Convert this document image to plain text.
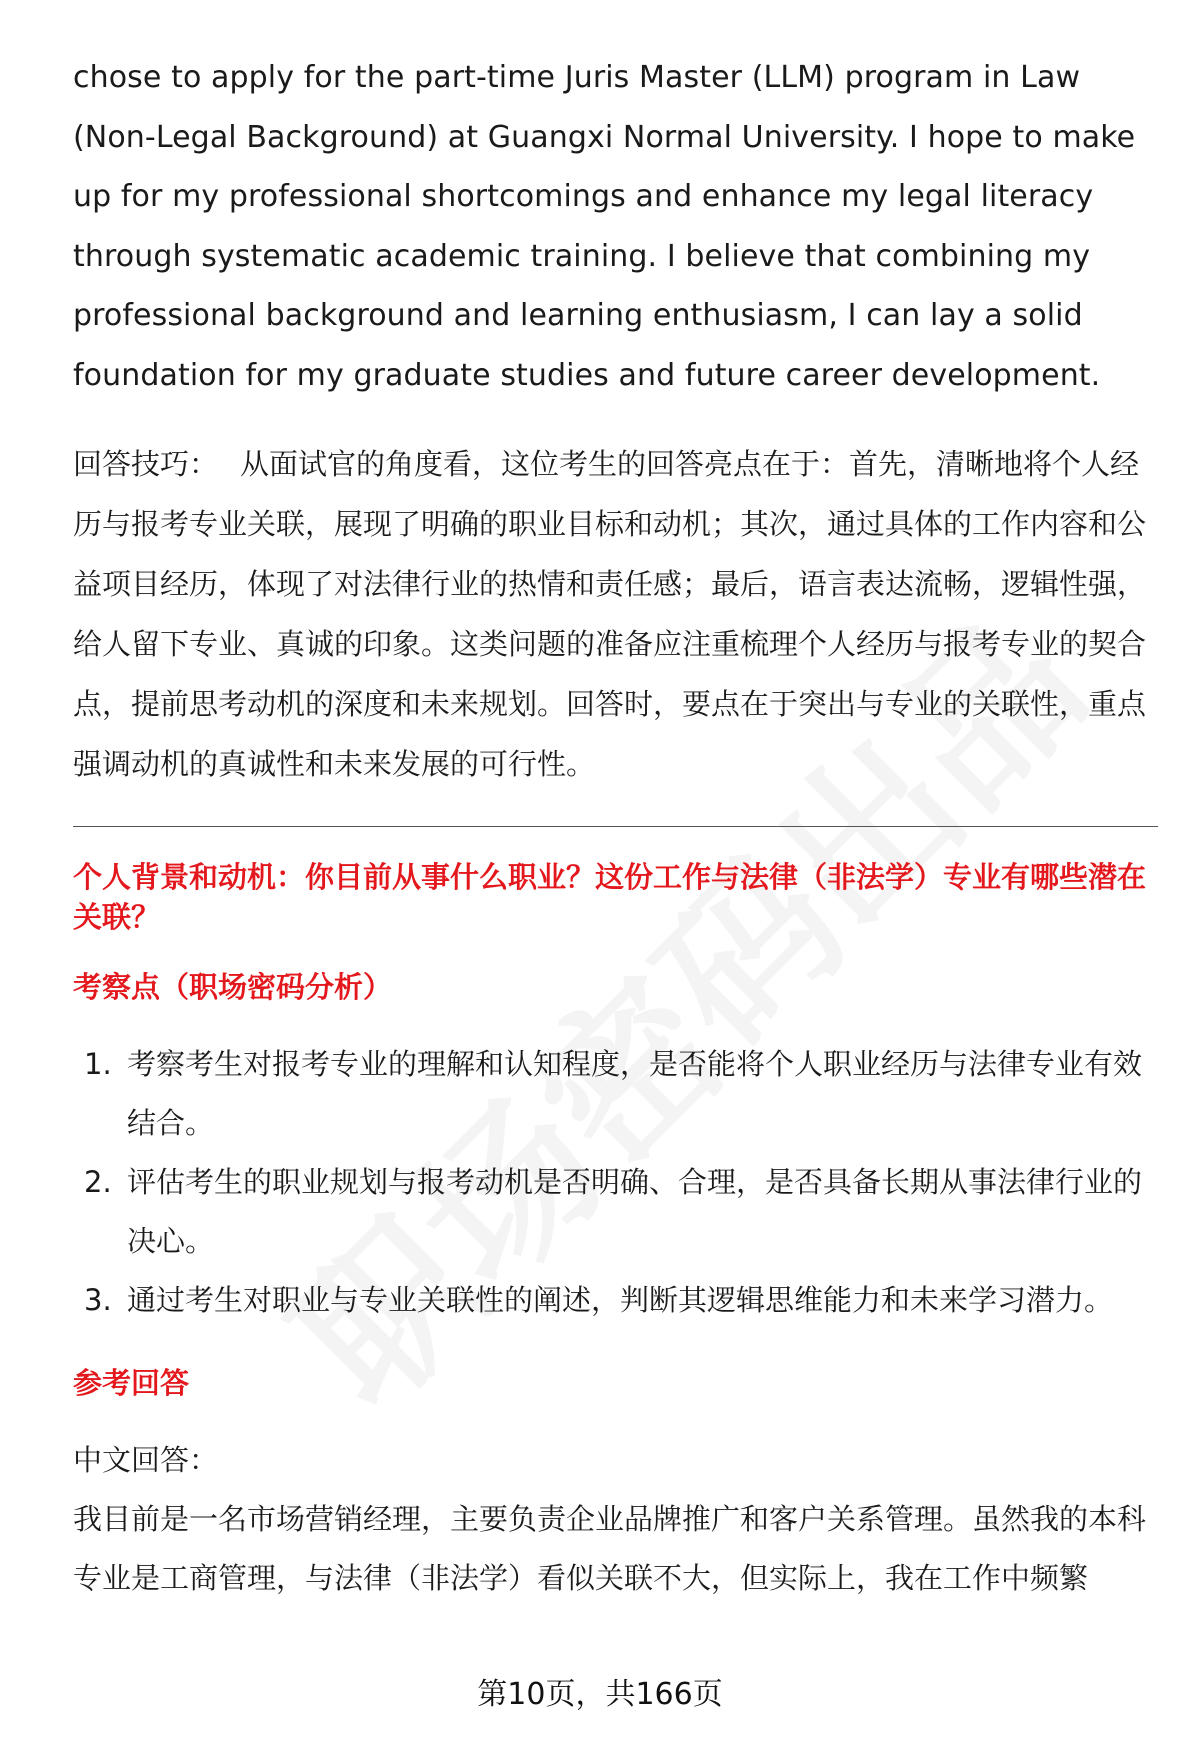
chose to apply for the part-time Juris Master (LLM) program in Law (Non-Legal Background) at Guangxi Normal University. I hope to make up for my professional shortcomings and enhance my legal literacy through systematic academic training. I believe that combining my professional background and learning enthusiasm, I can lay a solid foundation for my graduate studies and future career development.

回答技巧： 从面试官的角度看，这位考生的回答亮点在于：首先，清晰地将个人经历与报考专业关联，展现了明确的职业目标和动机；其次，通过具体的工作内容和公益项目经历，体现了对法律行业的热情和责任感；最后，语言表达流畅，逻辑性强，给人留下专业、真诚的印象。这类问题的准备应注重梳理个人经历与报考专业的契合点，提前思考动机的深度和未来规划。回答时，要点在于突出与专业的关联性，重点强调动机的真诚性和未来发展的可行性。

个人背景和动机：你目前从事什么职业？这份工作与法律（非法学）专业有哪些潜在关联？

考察点（职场密码分析）

1. 考察考生对报考专业的理解和认知程度，是否能将个人职业经历与法律专业有效结合。
2. 评估考生的职业规划与报考动机是否明确、合理，是否具备长期从事法律行业的决心。
3. 通过考生对职业与专业关联性的阐述，判断其逻辑思维能力和未来学习潜力。

参考回答

中文回答：

我目前是一名市场营销经理，主要负责企业品牌推广和客户关系管理。虽然我的本科专业是工商管理，与法律（非法学）看似关联不大，但实际上，我在工作中频繁

第10页，共166页
